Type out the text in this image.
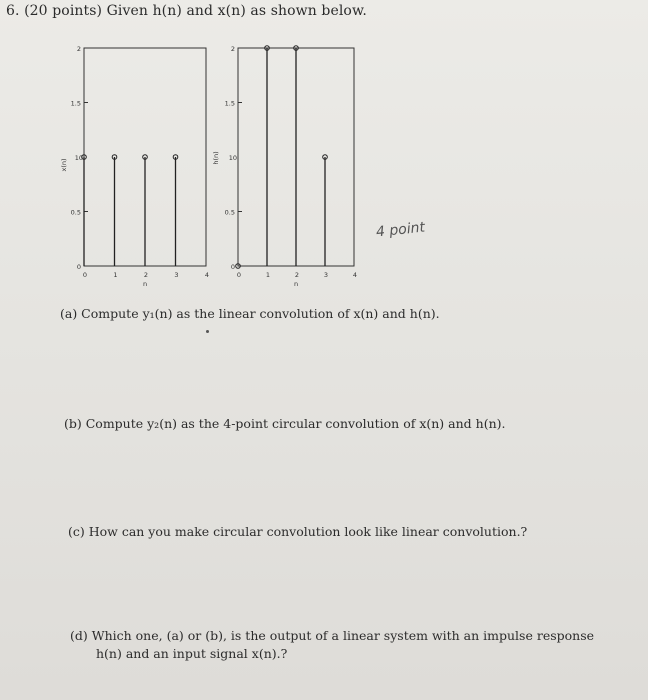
6. (20 points) Given h(n) and x(n) as shown below.
0
0.5
1.5
2
10
0	1	2	3	4
n
x(n)
0
0.5
1.5
2
10
0	1	2	3	4
n
h(n)
4 point
(a) Compute y₁(n) as the linear convolution of x(n) and h(n).
(b) Compute y₂(n) as the 4-point circular convolution of x(n) and h(n).
(c) How can you make circular convolution look like linear convolution.?
(d) Which one, (a) or (b), is the output of a linear system with an impulse response
h(n) and an input signal x(n).?
